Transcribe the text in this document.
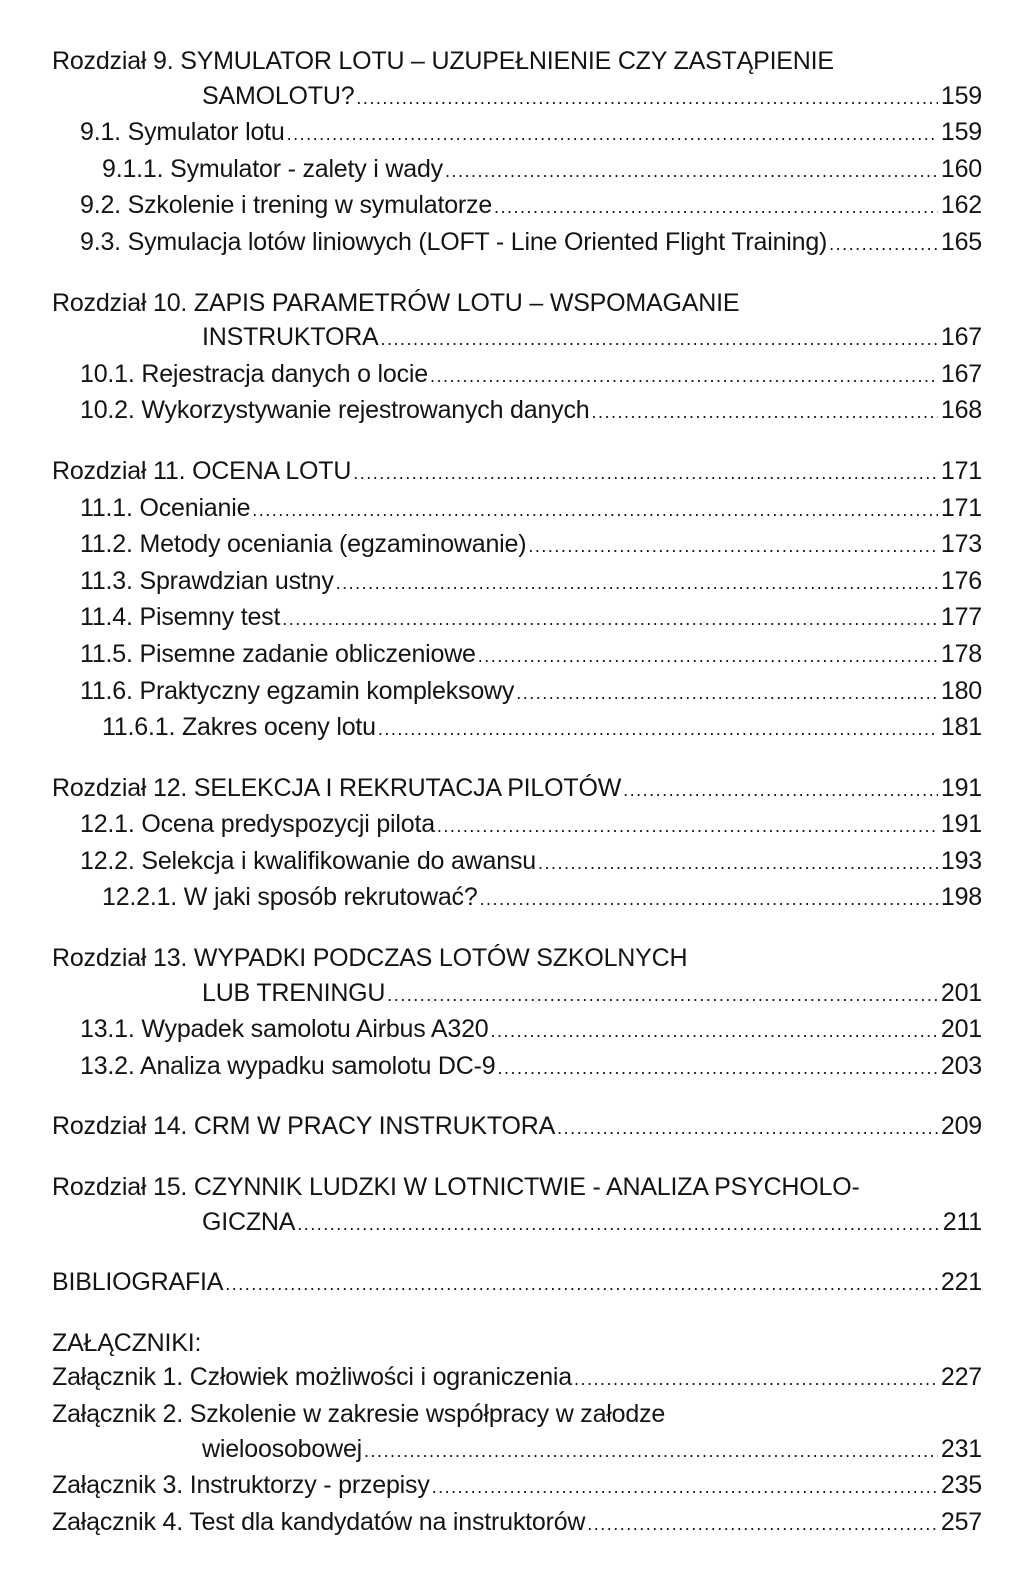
Rozdział 9. SYMULATOR LOTU – UZUPEŁNIENIE CZY ZASTĄPIENIE
SAMOLOTU? .....	159
9.1. Symulator lotu .....	159
9.1.1. Symulator - zalety i wady .....	160
9.2. Szkolenie i trening w symulatorze .....	162
9.3. Symulacja lotów liniowych (LOFT - Line Oriented Flight Training) .....	165
Rozdział 10. ZAPIS PARAMETRÓW LOTU – WSPOMAGANIE
INSTRUKTORA .....	167
10.1. Rejestracja danych o locie .....	167
10.2. Wykorzystywanie rejestrowanych danych .....	168
Rozdział 11. OCENA LOTU .....	171
11.1. Ocenianie .....	171
11.2. Metody oceniania (egzaminowanie) .....	173
11.3. Sprawdzian ustny .....	176
11.4. Pisemny test .....	177
11.5. Pisemne zadanie obliczeniowe .....	178
11.6. Praktyczny egzamin kompleksowy .....	180
11.6.1. Zakres oceny lotu .....	181
Rozdział 12. SELEKCJA I REKRUTACJA PILOTÓW .....	191
12.1. Ocena predyspozycji pilota .....	191
12.2. Selekcja i kwalifikowanie do awansu .....	193
12.2.1. W jaki sposób rekrutować? .....	198
Rozdział 13. WYPADKI PODCZAS LOTÓW SZKOLNYCH
LUB TRENINGU .....	201
13.1. Wypadek samolotu Airbus A320 .....	201
13.2. Analiza wypadku samolotu DC-9 .....	203
Rozdział 14. CRM W PRACY INSTRUKTORA .....	209
Rozdział 15. CZYNNIK LUDZKI W LOTNICTWIE - ANALIZA PSYCHOLO-
GICZNA .....	211
BIBLIOGRAFIA .....	221
ZAŁĄCZNIKI:
Załącznik 1. Człowiek możliwości i ograniczenia .....	227
Załącznik 2. Szkolenie w zakresie współpracy w załodze
wieloosobowej .....	231
Załącznik 3. Instruktorzy - przepisy .....	235
Załącznik 4. Test dla kandydatów na instruktorów .....	257
